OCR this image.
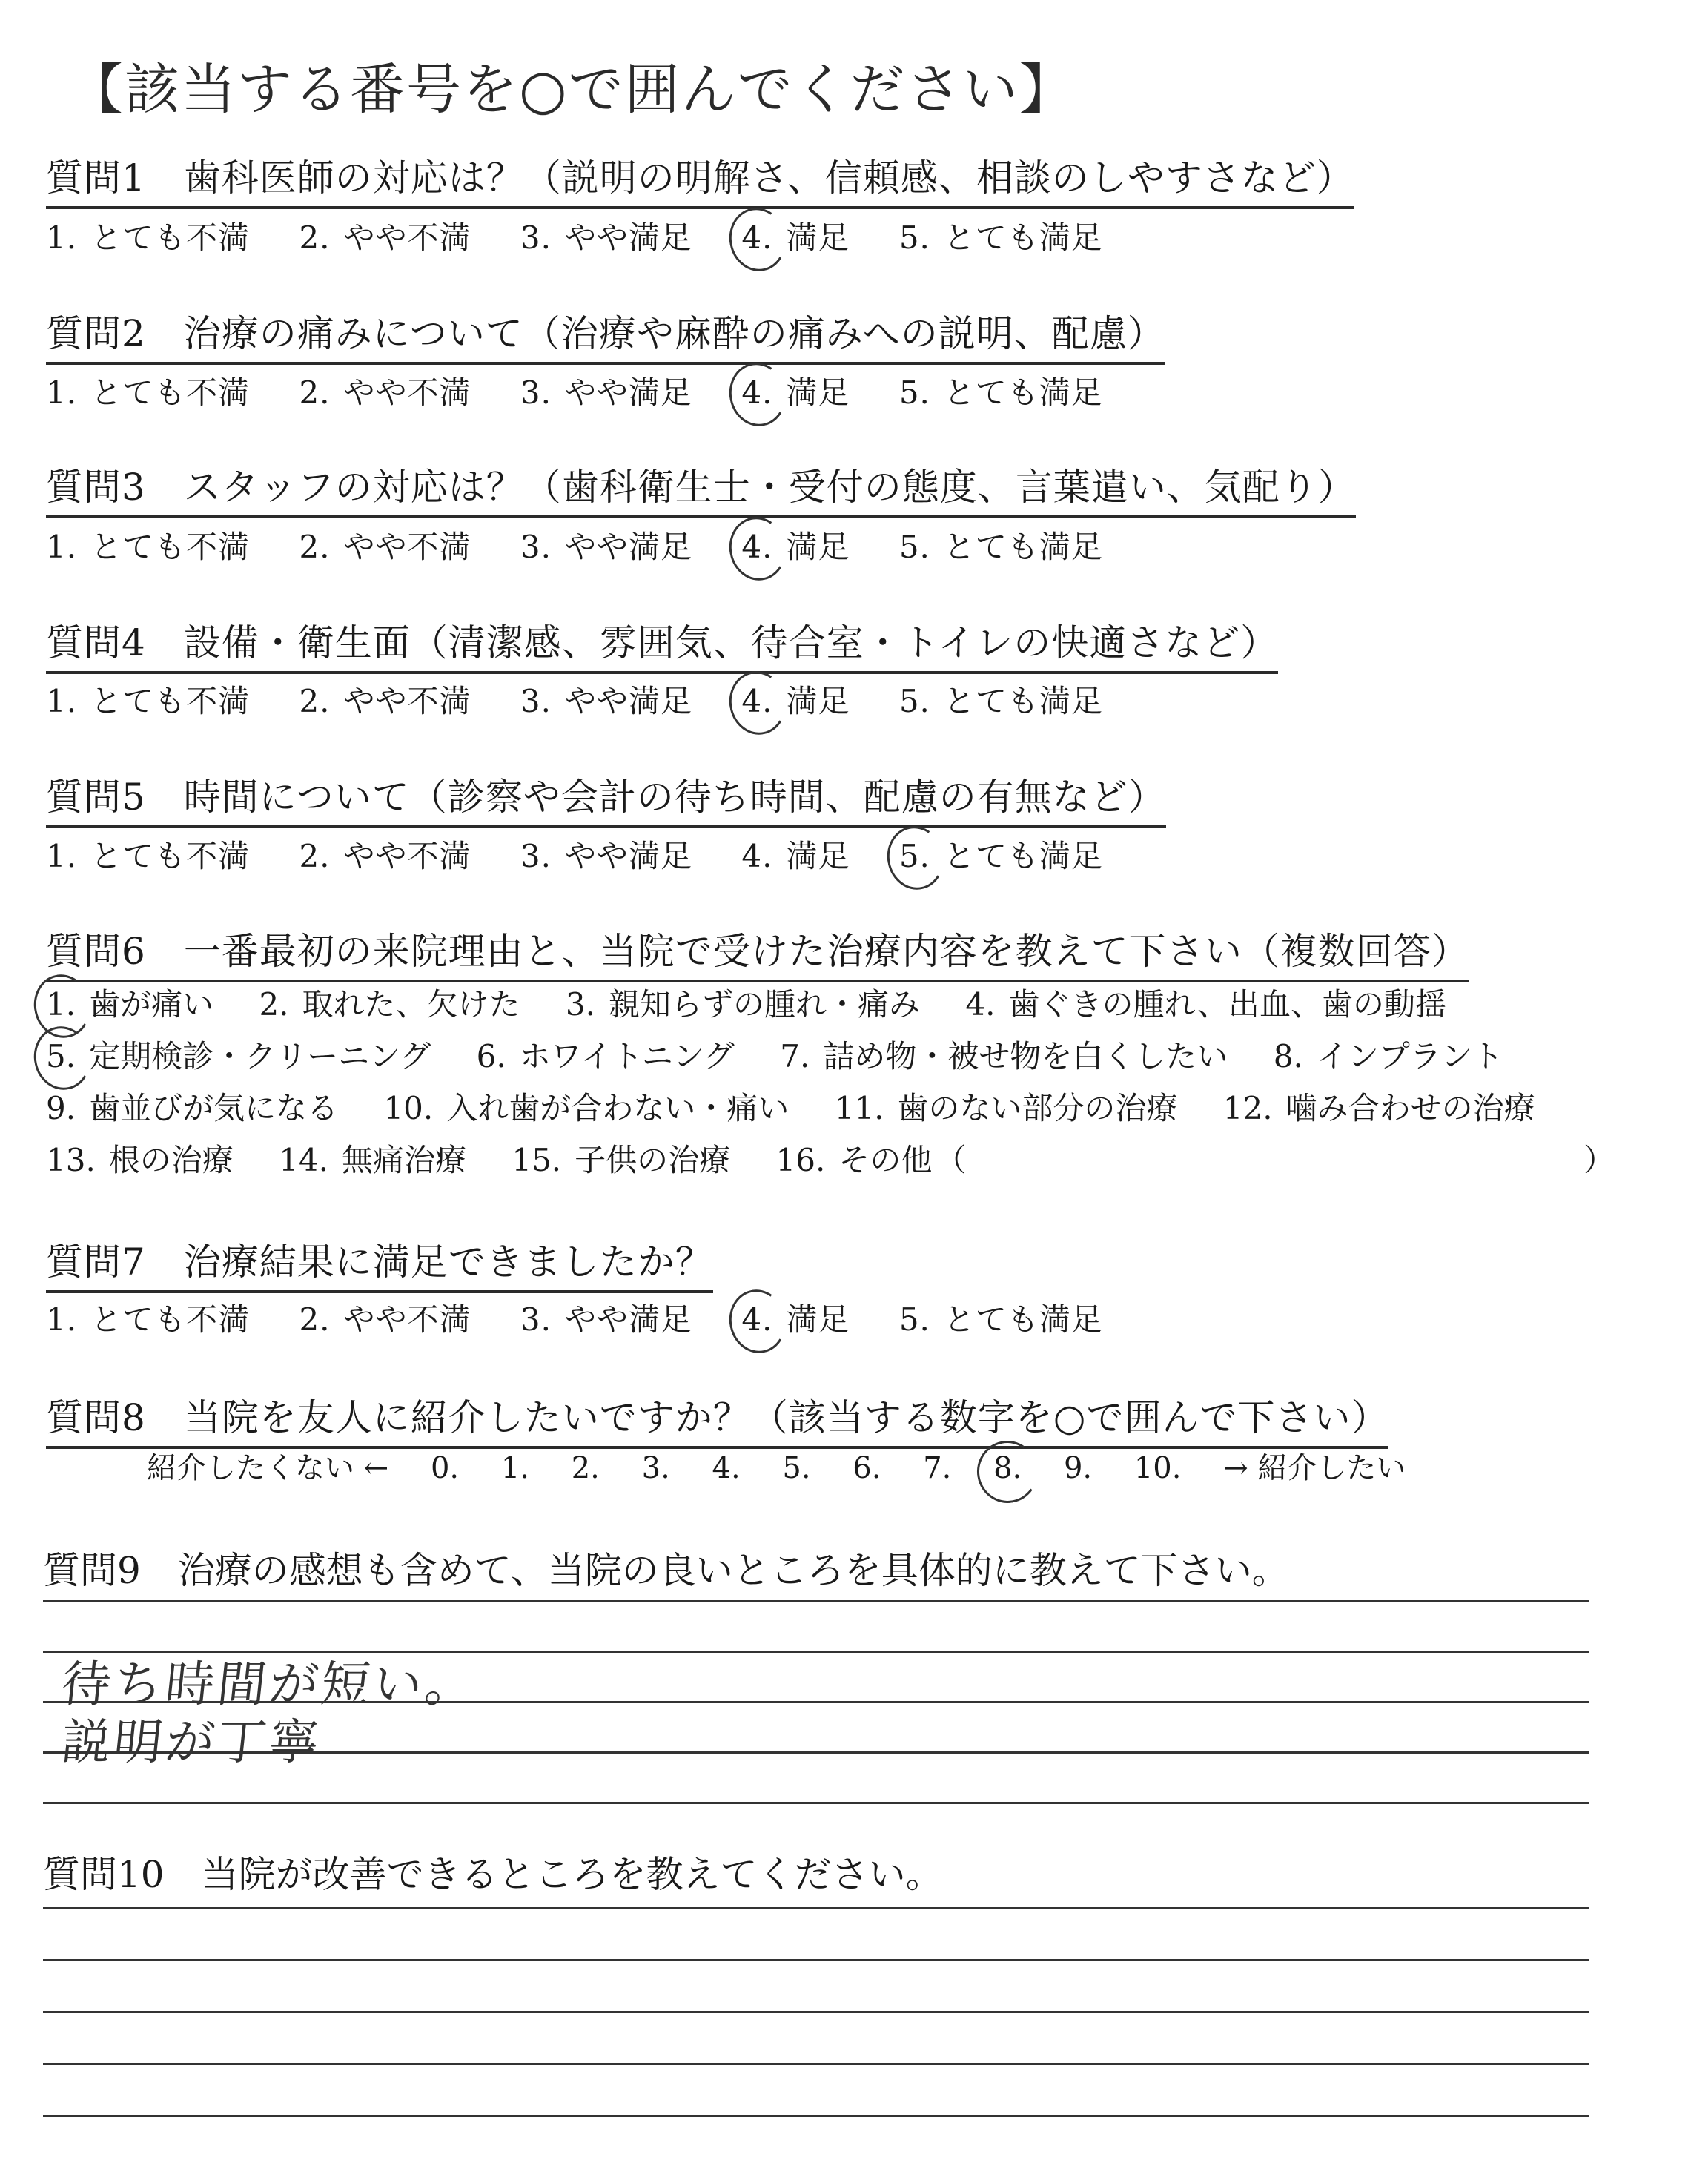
【該当する番号を○で囲んでください】
質問1　歯科医師の対応は？（説明の明解さ、信頼感、相談のしやすさなど）
1. とても不満 2. やや不満 3. やや満足 4. 満足 5. とても満足
質問2　治療の痛みについて（治療や麻酔の痛みへの説明、配慮）
1. とても不満 2. やや不満 3. やや満足 4. 満足 5. とても満足
質問3　スタッフの対応は？（歯科衛生士・受付の態度、言葉遣い、気配り）
1. とても不満 2. やや不満 3. やや満足 4. 満足 5. とても満足
質問4　設備・衛生面（清潔感、雰囲気、待合室・トイレの快適さなど）
1. とても不満 2. やや不満 3. やや満足 4. 満足 5. とても満足
質問5　時間について（診察や会計の待ち時間、配慮の有無など）
1. とても不満 2. やや不満 3. やや満足 4. 満足 5. とても満足
質問6　一番最初の来院理由と、当院で受けた治療内容を教えて下さい（複数回答）
1. 歯が痛い 2. 取れた、欠けた 3. 親知らずの腫れ・痛み 4. 歯ぐきの腫れ、出血、歯の動揺
5. 定期検診・クリーニング 6. ホワイトニング 7. 詰め物・被せ物を白くしたい 8. インプラント
9. 歯並びが気になる 10. 入れ歯が合わない・痛い 11. 歯のない部分の治療 12. 噛み合わせの治療
13. 根の治療 14. 無痛治療 15. 子供の治療 16. その他（	）
質問7　治療結果に満足できましたか？
1. とても不満 2. やや不満 3. やや満足 4. 満足 5. とても満足
質問8　当院を友人に紹介したいですか？（該当する数字を○で囲んで下さい）
紹介したくない ← 0. 1. 2. 3. 4. 5. 6. 7. 8. 9. 10. → 紹介したい
質問9　治療の感想も含めて、当院の良いところを具体的に教えて下さい。
待ち時間が短い。
説明が丁寧
質問10　当院が改善できるところを教えてください。
